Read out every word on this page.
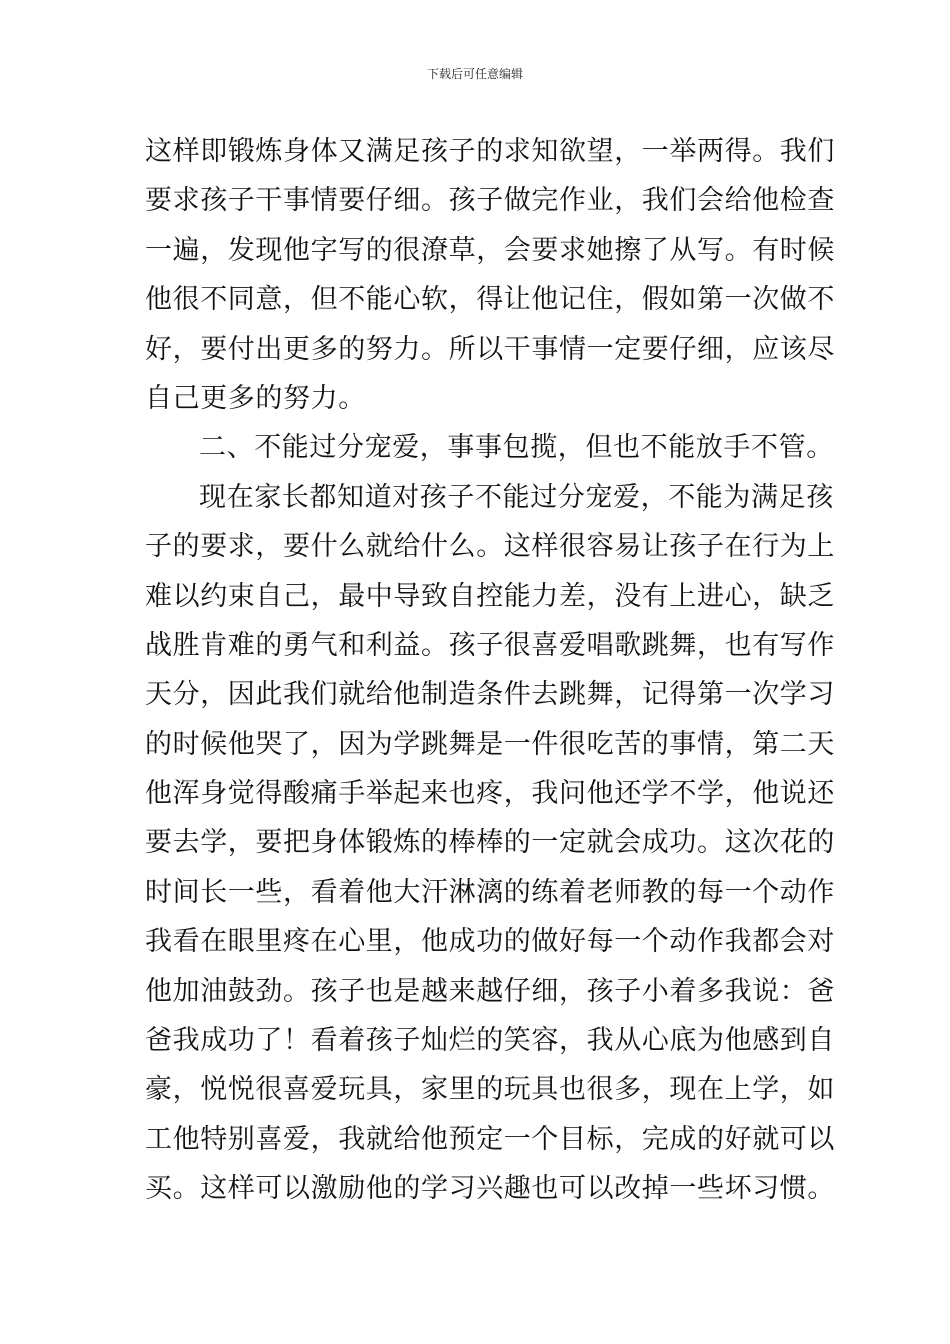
下载后可任意编辑
这样即锻炼身体又满足孩子的求知欲望，一举两得。我们
要求孩子干事情要仔细。孩子做完作业，我们会给他检查
一遍，发现他字写的很潦草，会要求她擦了从写。有时候
他很不同意，但不能心软，得让他记住，假如第一次做不
好，要付出更多的努力。所以干事情一定要仔细，应该尽
自己更多的努力。
二、不能过分宠爱，事事包揽，但也不能放手不管。
现在家长都知道对孩子不能过分宠爱，不能为满足孩
子的要求，要什么就给什么。这样很容易让孩子在行为上
难以约束自己，最中导致自控能力差，没有上进心，缺乏
战胜肯难的勇气和利益。孩子很喜爱唱歌跳舞，也有写作
天分，因此我们就给他制造条件去跳舞，记得第一次学习
的时候他哭了，因为学跳舞是一件很吃苦的事情，第二天
他浑身觉得酸痛手举起来也疼，我问他还学不学，他说还
要去学，要把身体锻炼的棒棒的一定就会成功。这次花的
时间长一些，看着他大汗淋漓的练着老师教的每一个动作
我看在眼里疼在心里，他成功的做好每一个动作我都会对
他加油鼓劲。孩子也是越来越仔细，孩子小着多我说：爸
爸我成功了！看着孩子灿烂的笑容，我从心底为他感到自
豪，悦悦很喜爱玩具，家里的玩具也很多，现在上学，如
工他特别喜爱，我就给他预定一个目标，完成的好就可以
买。这样可以激励他的学习兴趣也可以改掉一些坏习惯。
